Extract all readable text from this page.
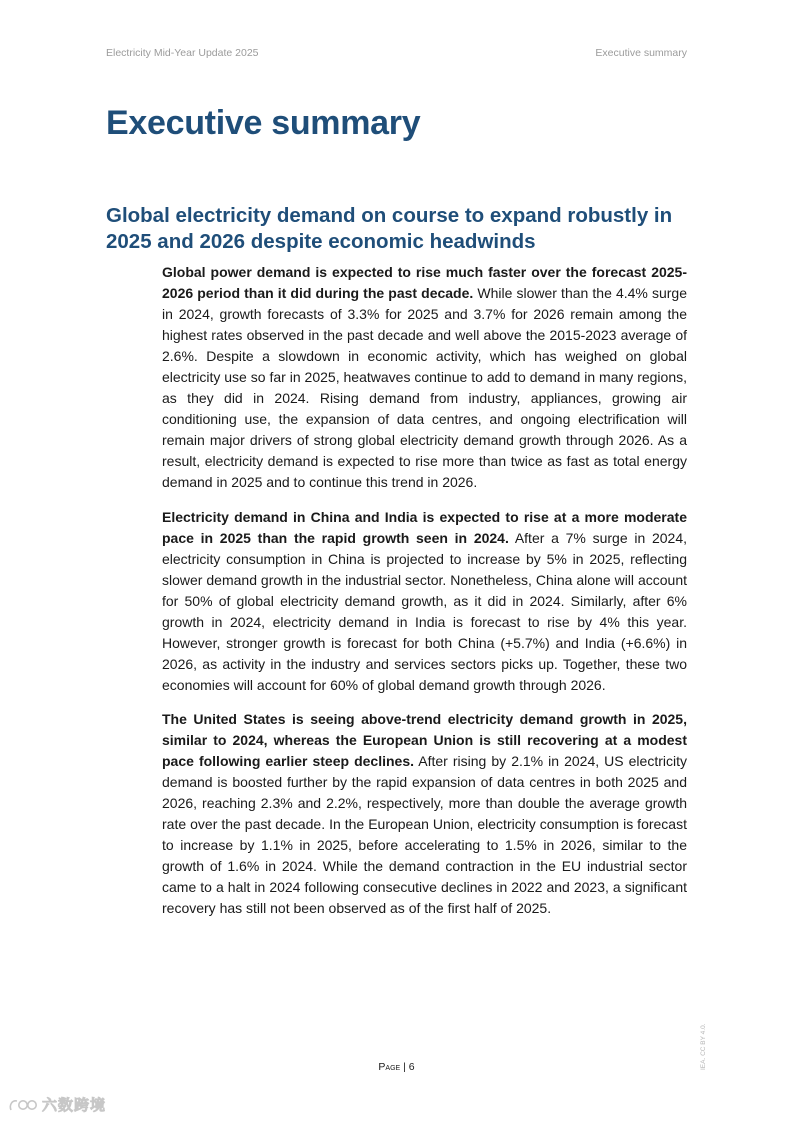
Electricity Mid-Year Update 2025	Executive summary
Executive summary
Global electricity demand on course to expand robustly in 2025 and 2026 despite economic headwinds

Global power demand is expected to rise much faster over the forecast 2025-2026 period than it did during the past decade. While slower than the 4.4% surge in 2024, growth forecasts of 3.3% for 2025 and 3.7% for 2026 remain among the highest rates observed in the past decade and well above the 2015-2023 average of 2.6%. Despite a slowdown in economic activity, which has weighed on global electricity use so far in 2025, heatwaves continue to add to demand in many regions, as they did in 2024. Rising demand from industry, appliances, growing air conditioning use, the expansion of data centres, and ongoing electrification will remain major drivers of strong global electricity demand growth through 2026. As a result, electricity demand is expected to rise more than twice as fast as total energy demand in 2025 and to continue this trend in 2026.

Electricity demand in China and India is expected to rise at a more moderate pace in 2025 than the rapid growth seen in 2024. After a 7% surge in 2024, electricity consumption in China is projected to increase by 5% in 2025, reflecting slower demand growth in the industrial sector. Nonetheless, China alone will account for 50% of global electricity demand growth, as it did in 2024. Similarly, after 6% growth in 2024, electricity demand in India is forecast to rise by 4% this year. However, stronger growth is forecast for both China (+5.7%) and India (+6.6%) in 2026, as activity in the industry and services sectors picks up. Together, these two economies will account for 60% of global demand growth through 2026.

The United States is seeing above-trend electricity demand growth in 2025, similar to 2024, whereas the European Union is still recovering at a modest pace following earlier steep declines. After rising by 2.1% in 2024, US electricity demand is boosted further by the rapid expansion of data centres in both 2025 and 2026, reaching 2.3% and 2.2%, respectively, more than double the average growth rate over the past decade. In the European Union, electricity consumption is forecast to increase by 1.1% in 2025, before accelerating to 1.5% in 2026, similar to the growth of 1.6% in 2024. While the demand contraction in the EU industrial sector came to a halt in 2024 following consecutive declines in 2022 and 2023, a significant recovery has still not been observed as of the first half of 2025.

IEA. CC BY 4.0.
Page | 6
六数跨境
